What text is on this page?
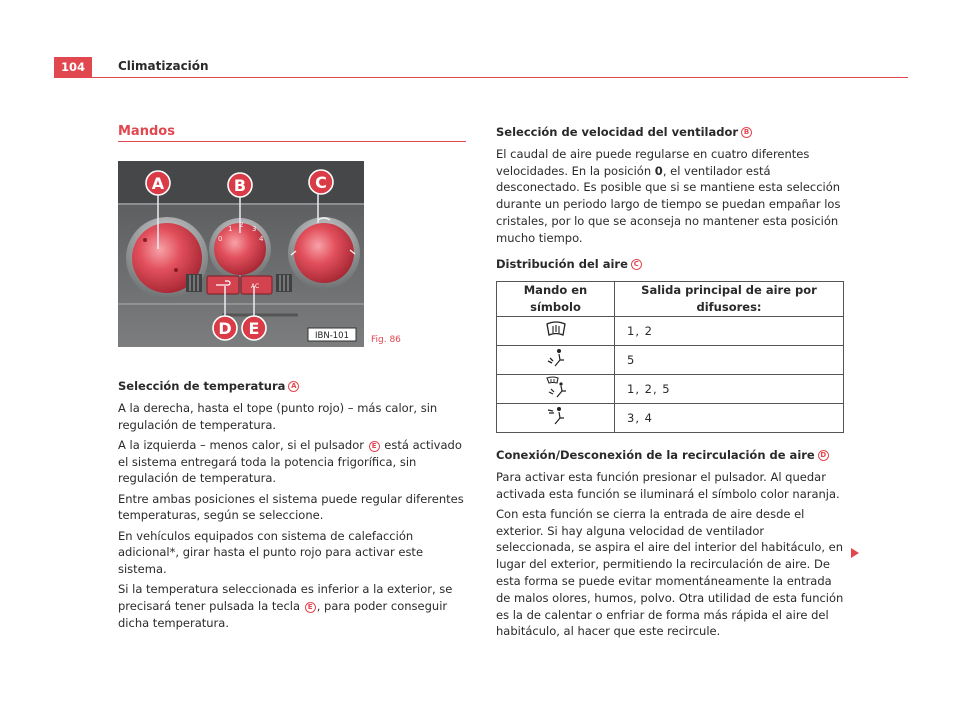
104	Climatización
Mandos
0
1 2 3
4
AC
A	B	C
D E	IBN-101 Fig. 86
Selección de temperatura A

A la derecha, hasta el tope (punto rojo) – más calor, sin regulación de temperatura.

A la izquierda – menos calor, si el pulsador E está activado el sistema entregará toda la potencia frigorífica, sin regulación de temperatura.

Entre ambas posiciones el sistema puede regular diferentes temperaturas, según se seleccione.

En vehículos equipados con sistema de calefacción adicional*, girar hasta el punto rojo para activar este sistema.

Si la temperatura seleccionada es inferior a la exterior, se precisará tener pulsada la tecla E , para poder conseguir dicha temperatura.

Selección de velocidad del ventilador B

El caudal de aire puede regularse en cuatro diferentes velocidades. En la posición 0, el ventilador está desconectado. Es posible que si se mantiene esta selección durante un periodo largo de tiempo se puedan empañar los cristales, por lo que se aconseja no mantener esta posición mucho tiempo.

Distribución del aire C
Mando en símbolo	Salida principal de aire por difusores:
	1, 2
	5
	1, 2, 5
	3, 4
Conexión/Desconexión de la recirculación de aire D

Para activar esta función presionar el pulsador. Al quedar activada esta función se iluminará el símbolo color naranja.

Con esta función se cierra la entrada de aire desde el exterior. Si hay alguna velocidad de ventilador seleccionada, se aspira el aire del interior del habitáculo, en lugar del exterior, permitiendo la recirculación de aire. De esta forma se puede evitar momentáneamente la entrada de malos olores, humos, polvo. Otra utilidad de esta función es la de calentar o enfriar de forma más rápida el aire del habitáculo, al hacer que este recircule.
